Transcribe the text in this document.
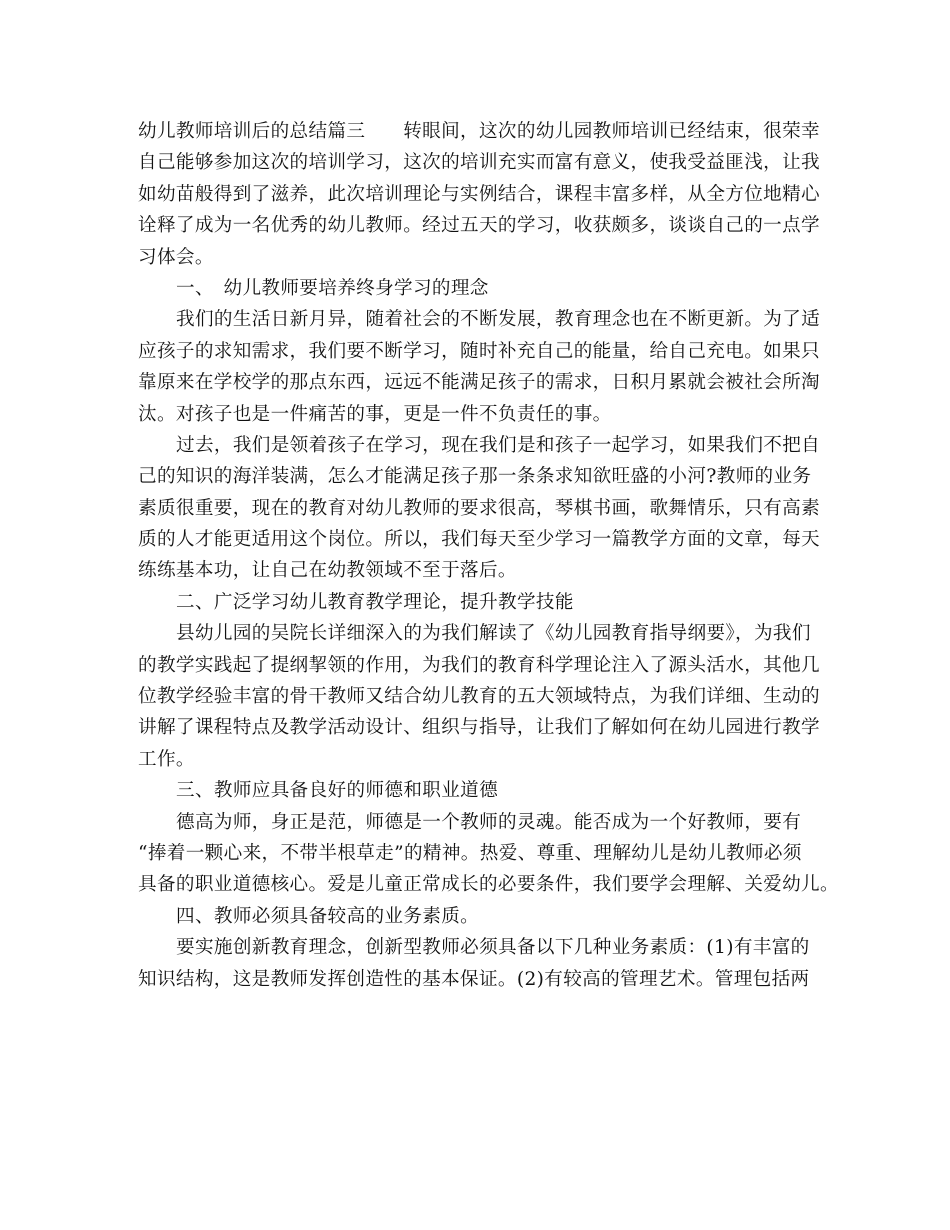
幼儿教师培训后的总结篇三　　转眼间，这次的幼儿园教师培训已经结束，很荣幸
自己能够参加这次的培训学习，这次的培训充实而富有意义，使我受益匪浅，让我
如幼苗般得到了滋养，此次培训理论与实例结合，课程丰富多样，从全方位地精心
诠释了成为一名优秀的幼儿教师。经过五天的学习，收获颇多，谈谈自己的一点学
习体会。
一、　幼儿教师要培养终身学习的理念
我们的生活日新月异，随着社会的不断发展，教育理念也在不断更新。为了适
应孩子的求知需求，我们要不断学习，随时补充自己的能量，给自己充电。如果只
靠原来在学校学的那点东西，远远不能满足孩子的需求，日积月累就会被社会所淘
汰。对孩子也是一件痛苦的事，更是一件不负责任的事。
过去，我们是领着孩子在学习，现在我们是和孩子一起学习，如果我们不把自
己的知识的海洋装满，怎么才能满足孩子那一条条求知欲旺盛的小河?教师的业务
素质很重要，现在的教育对幼儿教师的要求很高，琴棋书画，歌舞情乐，只有高素
质的人才能更适用这个岗位。所以，我们每天至少学习一篇教学方面的文章，每天
练练基本功，让自己在幼教领域不至于落后。
二、广泛学习幼儿教育教学理论，提升教学技能
县幼儿园的吴院长详细深入的为我们解读了《幼儿园教育指导纲要》，为我们
的教学实践起了提纲挈领的作用，为我们的教育科学理论注入了源头活水，其他几
位教学经验丰富的骨干教师又结合幼儿教育的五大领域特点，为我们详细、生动的
讲解了课程特点及教学活动设计、组织与指导，让我们了解如何在幼儿园进行教学
工作。
三、教师应具备良好的师德和职业道德
德高为师，身正是范，师德是一个教师的灵魂。能否成为一个好教师，要有
“捧着一颗心来，不带半根草走”的精神。热爱、尊重、理解幼儿是幼儿教师必须
具备的职业道德核心。爱是儿童正常成长的必要条件，我们要学会理解、关爱幼儿。
四、教师必须具备较高的业务素质。
要实施创新教育理念，创新型教师必须具备以下几种业务素质：(1)有丰富的
知识结构，这是教师发挥创造性的基本保证。(2)有较高的管理艺术。管理包括两
